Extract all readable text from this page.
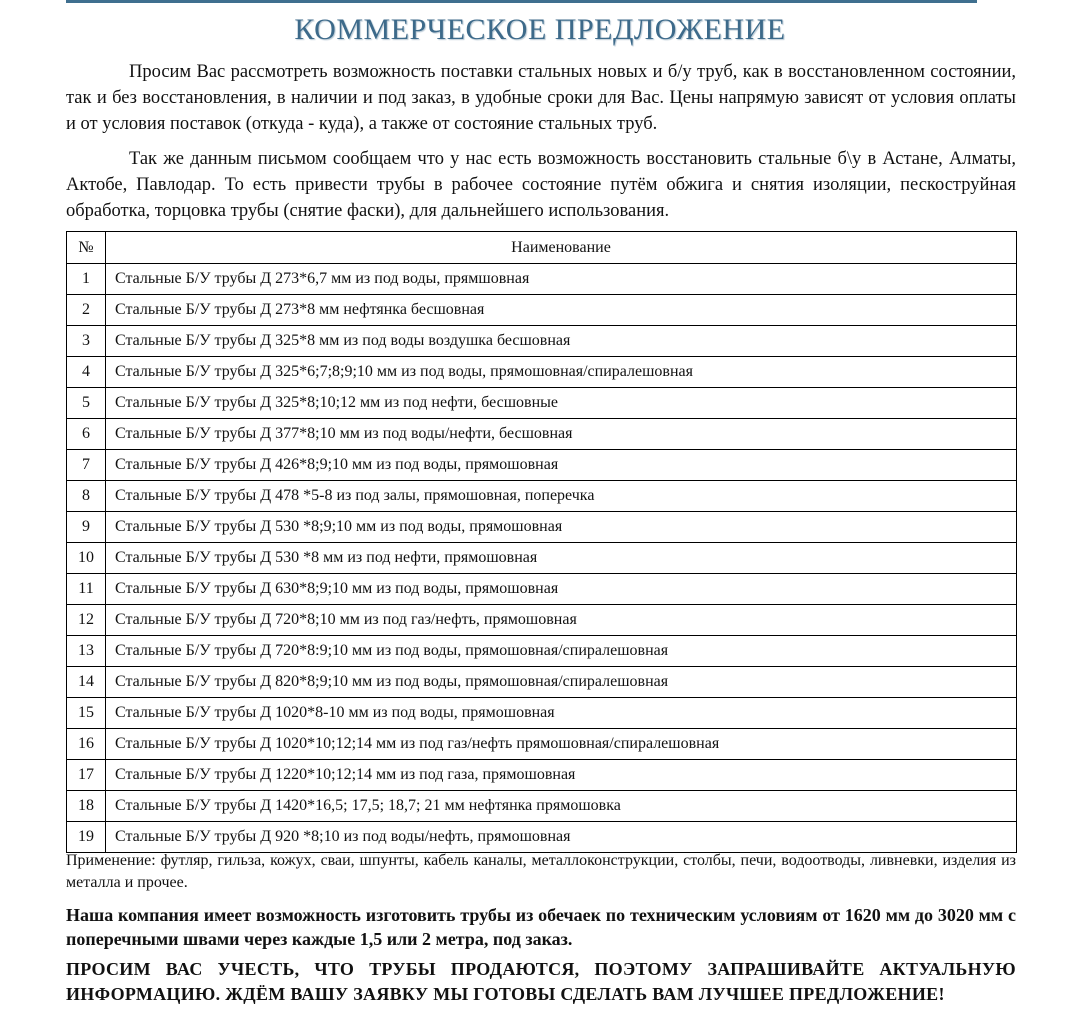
КОММЕРЧЕСКОЕ ПРЕДЛОЖЕНИЕ

Просим Вас рассмотреть возможность поставки стальных новых и б/у труб, как в восстановленном состоянии, так и без восстановления, в наличии и под заказ, в удобные сроки для Вас. Цены напрямую зависят от условия оплаты и от условия поставок (откуда - куда), а также от состояние стальных труб.

Так же данным письмом сообщаем что у нас есть возможность восстановить стальные б\у в Астане, Алматы, Актобе, Павлодар. То есть привести трубы в рабочее состояние путём обжига и снятия изоляции, пескоструйная обработка, торцовка трубы (снятие фаски), для дальнейшего использования.

№	Наименование
1	Стальные Б/У трубы Д 273*6,7 мм из под воды, прямшовная
2	Стальные Б/У трубы Д 273*8 мм нефтянка бесшовная
3	Стальные Б/У трубы Д 325*8 мм из под воды воздушка бесшовная
4	Стальные Б/У трубы Д 325*6;7;8;9;10 мм из под воды, прямошовная/спиралешовная
5	Стальные Б/У трубы Д 325*8;10;12 мм из под нефти, бесшовные
6	Стальные Б/У трубы Д 377*8;10 мм из под воды/нефти, бесшовная
7	Стальные Б/У трубы Д 426*8;9;10 мм из под воды, прямошовная
8	Стальные Б/У трубы Д 478 *5-8 из под залы, прямошовная, поперечка
9	Стальные Б/У трубы Д 530 *8;9;10 мм из под воды, прямошовная
10	Стальные Б/У трубы Д 530 *8 мм из под нефти, прямошовная
11	Стальные Б/У трубы Д 630*8;9;10 мм из под воды, прямошовная
12	Стальные Б/У трубы Д 720*8;10 мм из под газ/нефть, прямошовная
13	Стальные Б/У трубы Д 720*8:9;10 мм из под воды, прямошовная/спиралешовная
14	Стальные Б/У трубы Д 820*8;9;10 мм из под воды, прямошовная/спиралешовная
15	Стальные Б/У трубы Д 1020*8-10 мм из под воды, прямошовная
16	Стальные Б/У трубы Д 1020*10;12;14 мм из под газ/нефть прямошовная/спиралешовная
17	Стальные Б/У трубы Д 1220*10;12;14 мм из под газа, прямошовная
18	Стальные Б/У трубы Д 1420*16,5; 17,5; 18,7; 21 мм нефтянка прямошовка
19	Стальные Б/У трубы Д 920 *8;10 из под воды/нефть, прямошовная

Применение: футляр, гильза, кожух, сваи, шпунты, кабель каналы, металлоконструкции, столбы, печи, водоотводы, ливневки, изделия из металла и прочее.

Наша компания имеет возможность изготовить трубы из обечаек по техническим условиям от 1620 мм до 3020 мм с поперечными швами через каждые 1,5 или 2 метра, под заказ.

ПРОСИМ ВАС УЧЕСТЬ, ЧТО ТРУБЫ ПРОДАЮТСЯ, ПОЭТОМУ ЗАПРАШИВАЙТЕ АКТУАЛЬНУЮ ИНФОРМАЦИЮ. ЖДЁМ ВАШУ ЗАЯВКУ МЫ ГОТОВЫ СДЕЛАТЬ ВАМ ЛУЧШЕЕ ПРЕДЛОЖЕНИЕ!
